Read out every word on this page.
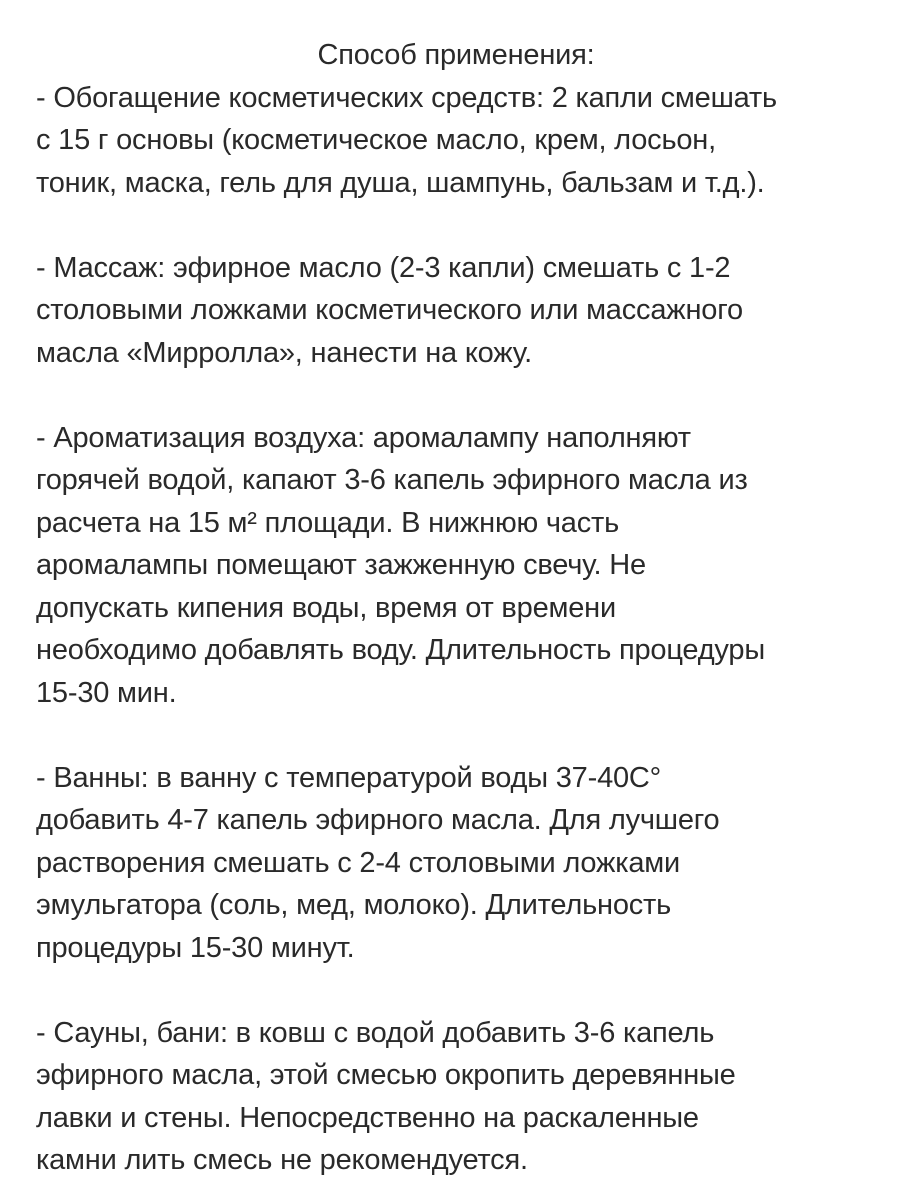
Способ применения:
- Обогащение косметических средств: 2 капли смешать
с 15 г основы (косметическое масло, крем, лосьон,
тоник, маска, гель для душа, шампунь, бальзам и т.д.).
- Массаж: эфирное масло (2-3 капли) смешать с 1-2
столовыми ложками косметического или массажного
масла «Мирролла», нанести на кожу.
- Ароматизация воздуха: аромалампу наполняют
горячей водой, капают 3-6 капель эфирного масла из
расчета на 15 м² площади. В нижнюю часть
аромалампы помещают зажженную свечу. Не
допускать кипения воды, время от времени
необходимо добавлять воду. Длительность процедуры
15-30 мин.
- Ванны: в ванну с температурой воды 37-40С°
добавить 4-7 капель эфирного масла. Для лучшего
растворения смешать с 2-4 столовыми ложками
эмульгатора (соль, мед, молоко). Длительность
процедуры 15-30 минут.
- Сауны, бани: в ковш с водой добавить 3-6 капель
эфирного масла, этой смесью окропить деревянные
лавки и стены. Непосредственно на раскаленные
камни лить смесь не рекомендуется.
